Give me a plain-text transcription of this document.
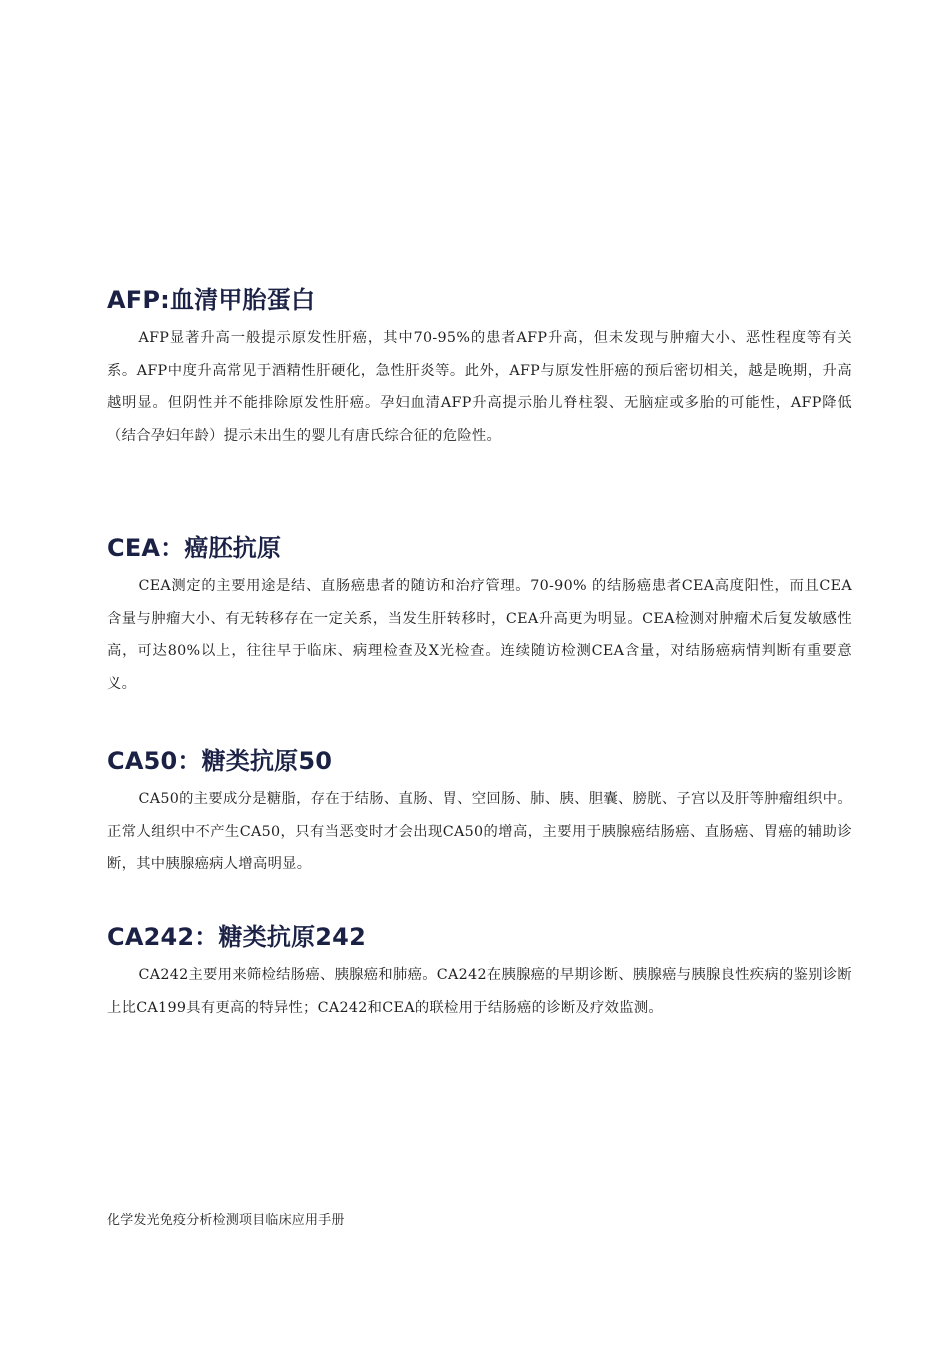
AFP:血清甲胎蛋白

AFP显著升高一般提示原发性肝癌，其中70-95%的患者AFP升高，但未发现与肿瘤大小、恶性程度等有关系。AFP中度升高常见于酒精性肝硬化，急性肝炎等。此外，AFP与原发性肝癌的预后密切相关，越是晚期，升高越明显。但阴性并不能排除原发性肝癌。孕妇血清AFP升高提示胎儿脊柱裂、无脑症或多胎的可能性，AFP降低（结合孕妇年龄）提示未出生的婴儿有唐氏综合征的危险性。

CEA：癌胚抗原

CEA测定的主要用途是结、直肠癌患者的随访和治疗管理。70-90% 的结肠癌患者CEA高度阳性，而且CEA含量与肿瘤大小、有无转移存在一定关系，当发生肝转移时，CEA升高更为明显。CEA检测对肿瘤术后复发敏感性高，可达80%以上，往往早于临床、病理检查及X光检查。连续随访检测CEA含量，对结肠癌病情判断有重要意义。

CA50：糖类抗原50

CA50的主要成分是糖脂，存在于结肠、直肠、胃、空回肠、肺、胰、胆囊、膀胱、子宫以及肝等肿瘤组织中。正常人组织中不产生CA50，只有当恶变时才会出现CA50的增高，主要用于胰腺癌结肠癌、直肠癌、胃癌的辅助诊断，其中胰腺癌病人增高明显。

CA242：糖类抗原242

CA242主要用来筛检结肠癌、胰腺癌和肺癌。CA242在胰腺癌的早期诊断、胰腺癌与胰腺良性疾病的鉴别诊断上比CA199具有更高的特异性；CA242和CEA的联检用于结肠癌的诊断及疗效监测。

化学发光免疫分析检测项目临床应用手册
